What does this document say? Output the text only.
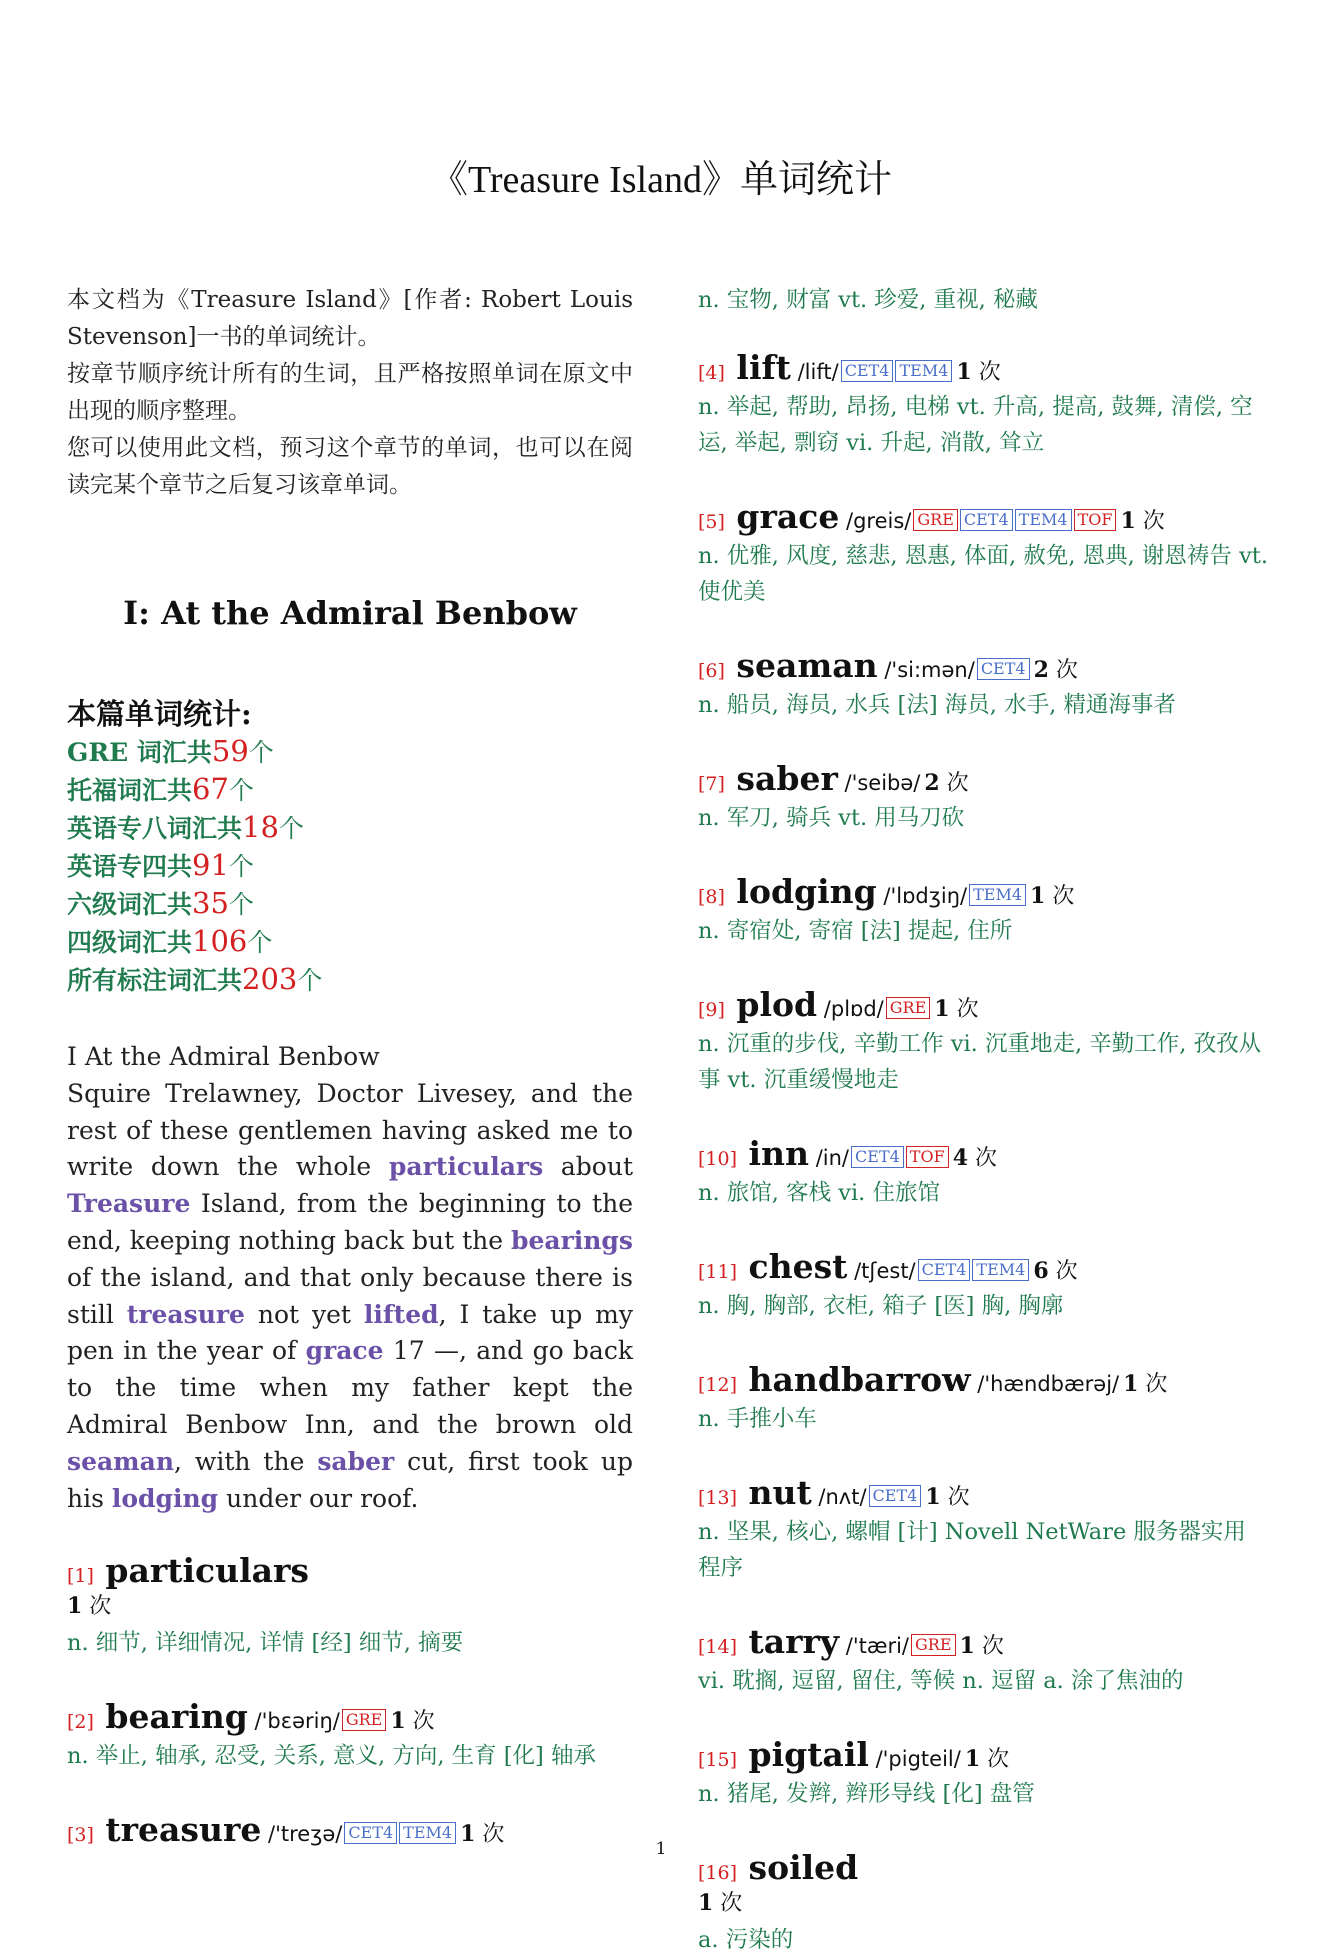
《Treasure Island》单词统计

本文档为《Treasure Island》[作者: Robert Louis Stevenson]一书的单词统计。

按章节顺序统计所有的生词，且严格按照单词在原文中出现的顺序整理。

您可以使用此文档，预习这个章节的单词，也可以在阅读完某个章节之后复习该章单词。

I: At the Admiral Benbow
本篇单词统计:
GRE 词汇共59个
托福词汇共67个
英语专八词汇共18个
英语专四共91个
六级词汇共35个
四级词汇共106个
所有标注词汇共203个
I At the Admiral Benbow
Squire Trelawney, Doctor Livesey, and the rest of these gentlemen having asked me to write down the whole particulars about Treasure Island, from the beginning to the end, keeping nothing back but the bearings of the island, and that only because there is still treasure not yet lifted, I take up my pen in the year of grace 17 —, and go back to the time when my father kept the Admiral Benbow Inn, and the brown old seaman, with the saber cut, first took up his lodging under our roof.
[1] particulars
1 次
n. 细节, 详细情况, 详情 [经] 细节, 摘要
[2] bearing /'bɛəriŋ/ GRE 1 次
n. 举止, 轴承, 忍受, 关系, 意义, 方向, 生育 [化] 轴承
[3] treasure /'treʒə/ CET4 TEM4 1 次
n. 宝物, 财富 vt. 珍爱, 重视, 秘藏
[4] lift /lift/ CET4 TEM4 1 次
n. 举起, 帮助, 昂扬, 电梯 vt. 升高, 提高, 鼓舞, 清偿, 空运, 举起, 剽窃 vi. 升起, 消散, 耸立
[5] grace /greis/ GRE CET4 TEM4 TOF 1 次
n. 优雅, 风度, 慈悲, 恩惠, 体面, 赦免, 恩典, 谢恩祷告 vt. 使优美
[6] seaman /'si:mən/ CET4 2 次
n. 船员, 海员, 水兵 [法] 海员, 水手, 精通海事者
[7] saber /'seibə/ 2 次
n. 军刀, 骑兵 vt. 用马刀砍
[8] lodging /'lɒdʒiŋ/ TEM4 1 次
n. 寄宿处, 寄宿 [法] 提起, 住所
[9] plod /plɒd/ GRE 1 次
n. 沉重的步伐, 辛勤工作 vi. 沉重地走, 辛勤工作, 孜孜从事 vt. 沉重缓慢地走
[10] inn /in/ CET4 TOF 4 次
n. 旅馆, 客栈 vi. 住旅馆
[11] chest /tʃest/ CET4 TEM4 6 次
n. 胸, 胸部, 衣柜, 箱子 [医] 胸, 胸廓
[12] handbarrow /'hændbærəj/ 1 次
n. 手推小车
[13] nut /nʌt/ CET4 1 次
n. 坚果, 核心, 螺帽 [计] Novell NetWare 服务器实用程序
[14] tarry /'tæri/ GRE 1 次
vi. 耽搁, 逗留, 留住, 等候 n. 逗留 a. 涂了焦油的
[15] pigtail /'pigteil/ 1 次
n. 猪尾, 发辫, 辫形导线 [化] 盘管
[16] soiled
1 次
a. 污染的
1
